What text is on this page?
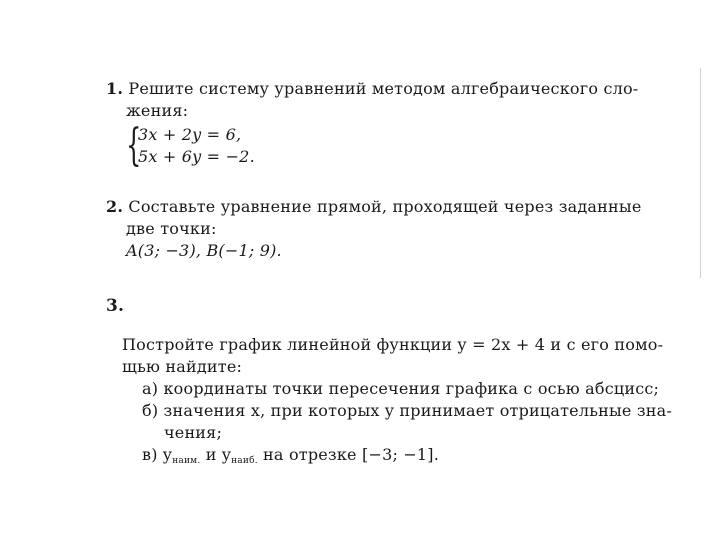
1. Решите систему уравнений методом алгебраического сло-
жения:
{
3x + 2y = 6,
5x + 6y = −2.
2. Составьте уравнение прямой, проходящей через заданные
две точки:
A(3; −3), B(−1; 9).
3.
Постройте график линейной функции y = 2x + 4 и с его помо-
щью найдите:
а) координаты точки пересечения графика с осью абсцисс;
б) значения x, при которых y принимает отрицательные зна-
чения;
в) $y_{наим.}$ и $y_{наиб.}$ на отрезке [−3; −1].
